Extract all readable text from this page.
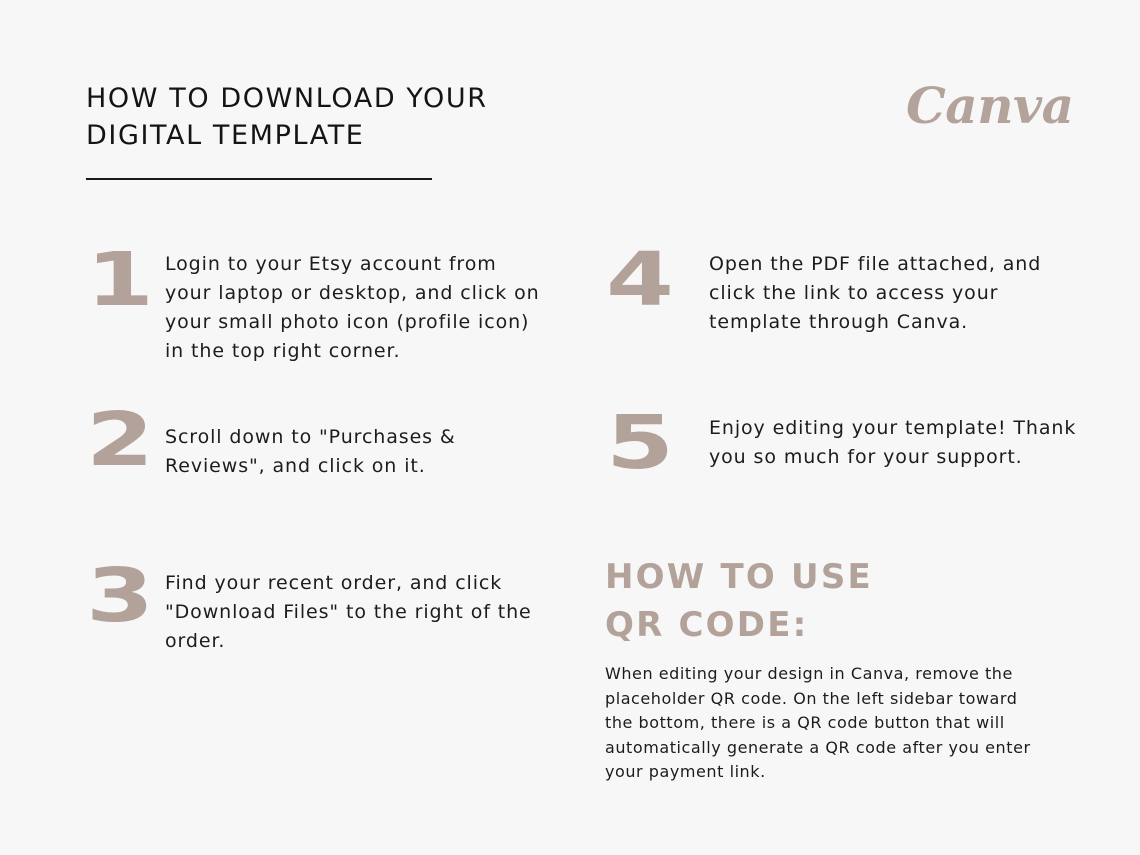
HOW TO DOWNLOAD YOUR
DIGITAL TEMPLATE
Canva
1 Login to your Etsy account from
your laptop or desktop, and click on
your small photo icon (profile icon)
in the top right corner.
2 Scroll down to "Purchases &
Reviews", and click on it.
3 Find your recent order, and click
"Download Files" to the right of the
order.
4 Open the PDF file attached, and
click the link to access your
template through Canva.
5 Enjoy editing your template! Thank
you so much for your support.
HOW TO USE
QR CODE:
When editing your design in Canva, remove the
placeholder QR code. On the left sidebar toward
the bottom, there is a QR code button that will
automatically generate a QR code after you enter
your payment link.
